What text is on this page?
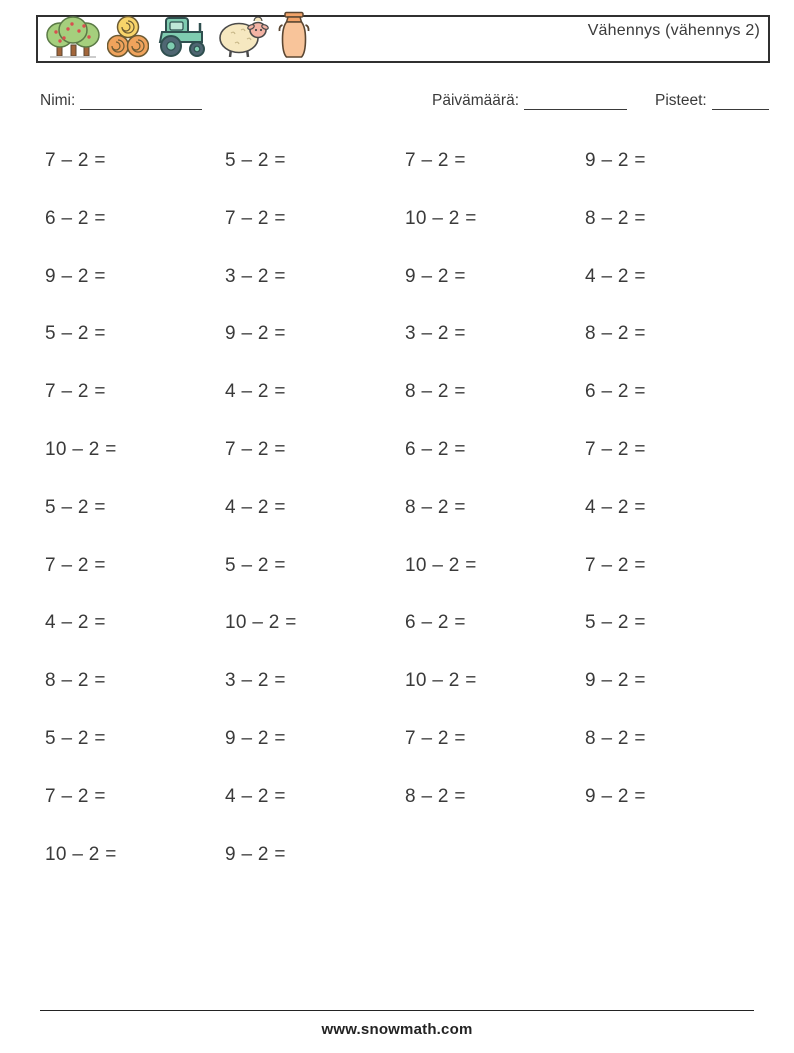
Vähennys (vähennys 2)
Nimi:	Päivämäärä:	Pisteet:
7 – 2 =	5 – 2 =	7 – 2 =	9 – 2 =
6 – 2 =	7 – 2 =	10 – 2 =	8 – 2 =
9 – 2 =	3 – 2 =	9 – 2 =	4 – 2 =
5 – 2 =	9 – 2 =	3 – 2 =	8 – 2 =
7 – 2 =	4 – 2 =	8 – 2 =	6 – 2 =
10 – 2 =	7 – 2 =	6 – 2 =	7 – 2 =
5 – 2 =	4 – 2 =	8 – 2 =	4 – 2 =
7 – 2 =	5 – 2 =	10 – 2 =	7 – 2 =
4 – 2 =	10 – 2 =	6 – 2 =	5 – 2 =
8 – 2 =	3 – 2 =	10 – 2 =	9 – 2 =
5 – 2 =	9 – 2 =	7 – 2 =	8 – 2 =
7 – 2 =	4 – 2 =	8 – 2 =	9 – 2 =
10 – 2 =	9 – 2 =
www.snowmath.com
